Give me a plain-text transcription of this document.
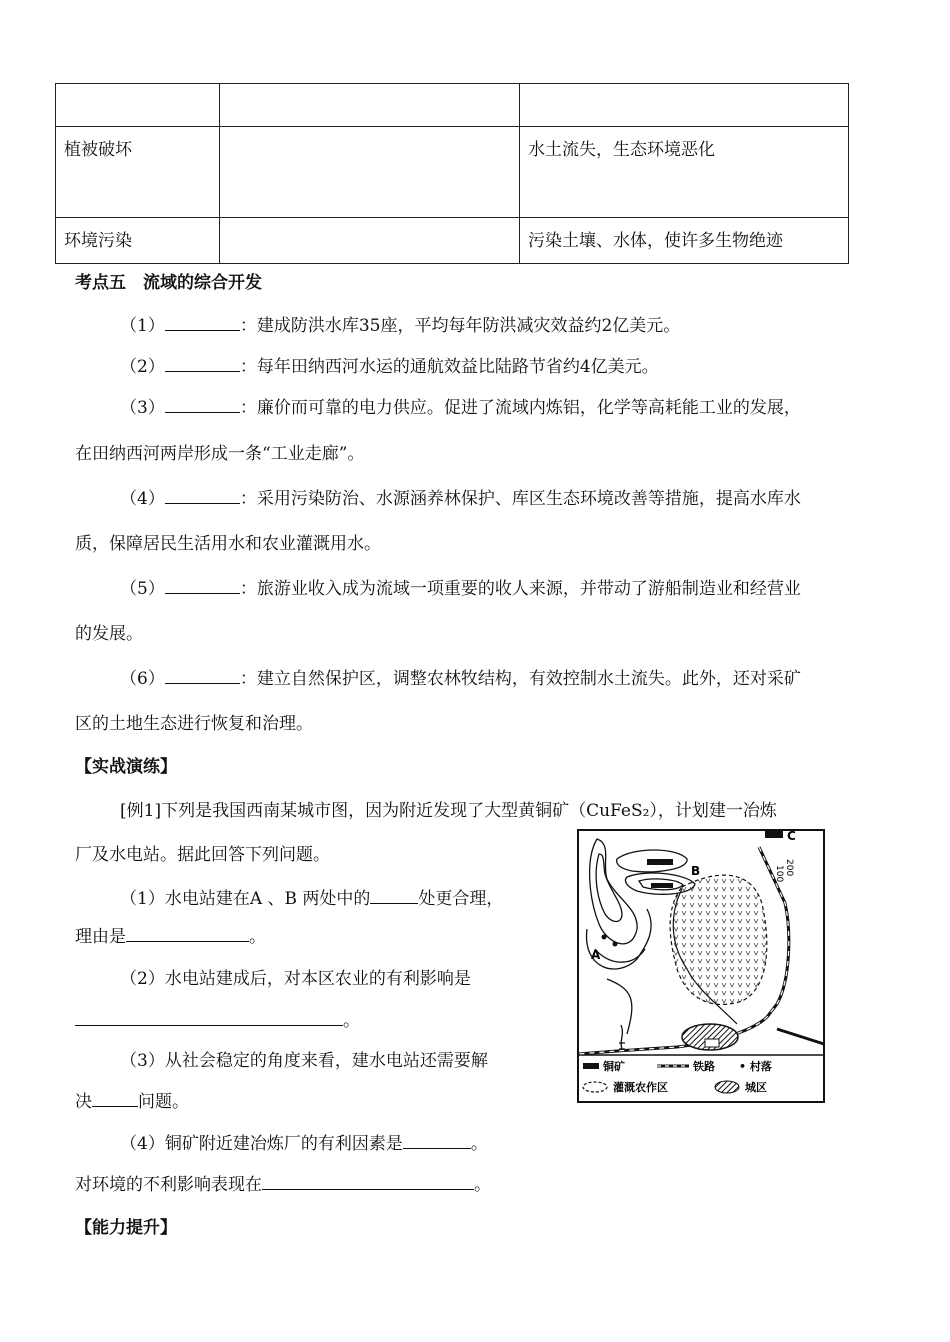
植被破坏		水土流失，生态环境恶化
环境污染		污染土壤、水体，使许多生物绝迹
考点五　流域的综合开发
（1）	：建成防洪水库35座，平均每年防洪减灾效益约2亿美元。
（2）	：每年田纳西河水运的通航效益比陆路节省约4亿美元。
（3）	：廉价而可靠的电力供应。促进了流域内炼铝，化学等高耗能工业的发展，
在田纳西河两岸形成一条“工业走廊”。
（4）	：采用污染防治、水源涵养林保护、库区生态环境改善等措施，提高水库水
质，保障居民生活用水和农业灌溉用水。
（5）	：旅游业收入成为流域一项重要的收人来源，并带动了游船制造业和经营业
的发展。
（6）	：建立自然保护区，调整农林牧结构，有效控制水土流失。此外，还对采矿
区的土地生态进行恢复和治理。
【实战演练】
[例1]下列是我国西南某城市图，因为附近发现了大型黄铜矿（CuFeS₂），计划建一冶炼
厂及水电站。据此回答下列问题。
（1）水电站建在A 、B 两处中的	处更合理，
理由是	。
（2）水电站建成后，对本区农业的有利影响是
。
（3）从社会稳定的角度来看，建水电站还需要解
决	问题。
（4）铜矿附近建冶炼厂的有利因素是	。
对环境的不利影响表现在	。
【能力提升】
A
B
C
200
100
铜矿	铁路 • 村落
灌溉农作区	城区
